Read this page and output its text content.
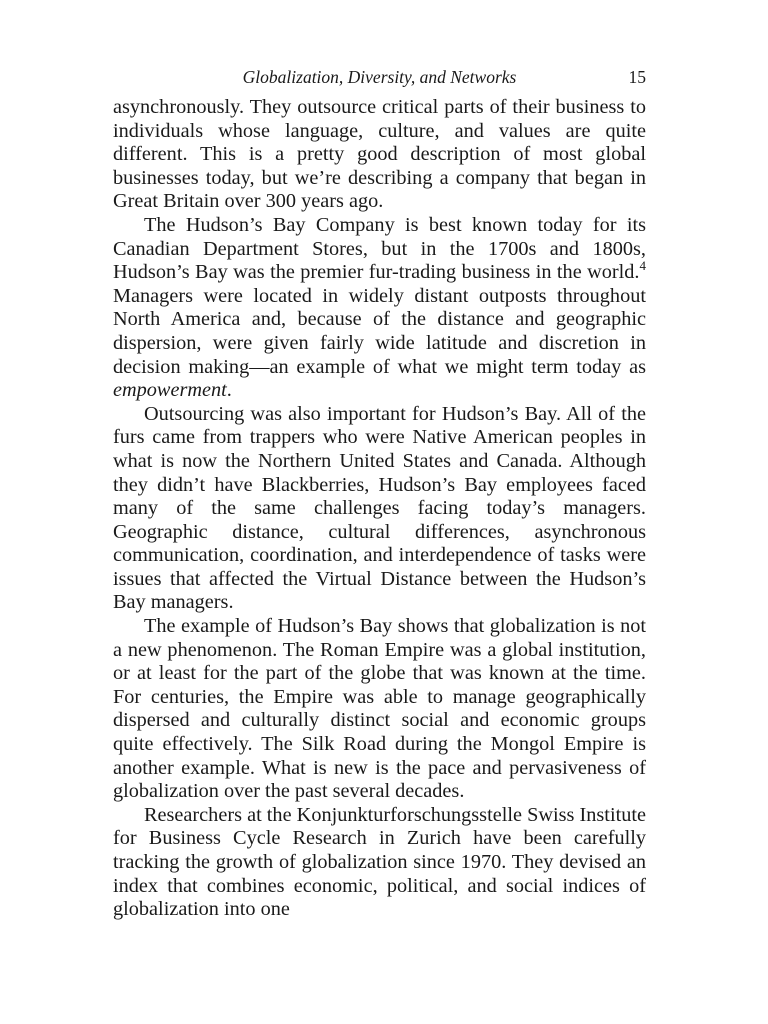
Globalization, Diversity, and Networks	15

asynchronously. They outsource critical parts of their business to individuals whose language, culture, and values are quite different. This is a pretty good description of most global businesses today, but we’re describing a company that began in Great Britain over 300 years ago.

The Hudson’s Bay Company is best known today for its Canadian Department Stores, but in the 1700s and 1800s, Hudson’s Bay was the premier fur-trading business in the world.$^4$ Managers were located in widely distant outposts throughout North America and, because of the distance and geographic dispersion, were given fairly wide latitude and discretion in decision making—an example of what we might term today as empowerment.

Outsourcing was also important for Hudson’s Bay. All of the furs came from trappers who were Native American peoples in what is now the Northern United States and Canada. Although they didn’t have Blackberries, Hudson’s Bay employees faced many of the same challenges facing today’s managers. Geographic distance, cultural differences, asynchronous communication, coordination, and interdependence of tasks were issues that affected the Virtual Distance between the Hudson’s Bay managers.

The example of Hudson’s Bay shows that globalization is not a new phenomenon. The Roman Empire was a global institution, or at least for the part of the globe that was known at the time. For centuries, the Empire was able to manage geographically dispersed and culturally distinct social and economic groups quite effectively. The Silk Road during the Mongol Empire is another example. What is new is the pace and pervasiveness of globalization over the past several decades.

Researchers at the Konjunkturforschungsstelle Swiss Institute for Business Cycle Research in Zurich have been carefully tracking the growth of globalization since 1970. They devised an index that combines economic, political, and social indices of globalization into one
